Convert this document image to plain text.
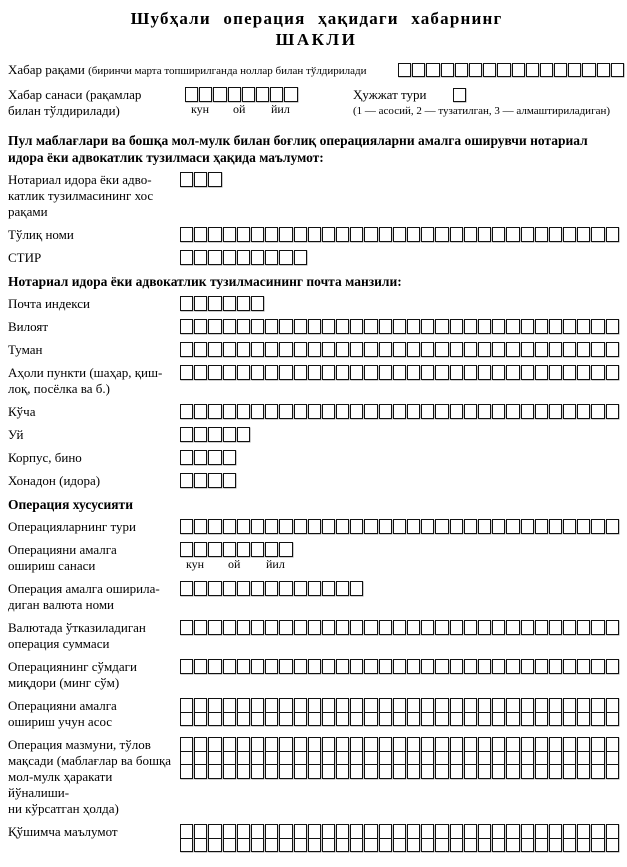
Шубҳали операция ҳақидаги хабарнинг
ШАКЛИ
Хабар рақами (биринчи марта топширилганда ноллар билан тўлдирилади
Хабар санаси (рақамлар
билан тўлдирилади)	кун ой йил
Ҳужжат тури
(1 — асосий, 2 — тузатилган, 3 — алмаштириладиган)
Пул маблағлари ва бошқа мол-мулк билан боғлиқ операцияларни амалга оширувчи нотариал идора ёки адвокатлик тузилмаси ҳақида маълумот:
Нотариал идора ёки адво-
катлик тузилмасининг хос
рақами
Тўлиқ номи
СТИР
Нотариал идора ёки адвокатлик тузилмасининг почта манзили:
Почта индекси
Вилоят
Туман
Аҳоли пункти (шаҳар, қиш-
лоқ, посёлка ва б.)
Кўча
Уй
Корпус, бино
Хонадон (идора)
Операция хусусияти
Операцияларнинг тури
Операцияни амалга
ошириш санаси	кун ой йил
Операция амалга оширила-
диган валюта номи
Валютада ўтказиладиган
операция суммаси
Операциянинг сўмдаги
миқдори (минг сўм)
Операцияни амалга
ошириш учун асос
Операция мазмуни, тўлов
мақсади (маблағлар ва бошқа
мол-мулк ҳаракати йўналиши-
ни кўрсатган ҳолда)
Қўшимча маълумот
